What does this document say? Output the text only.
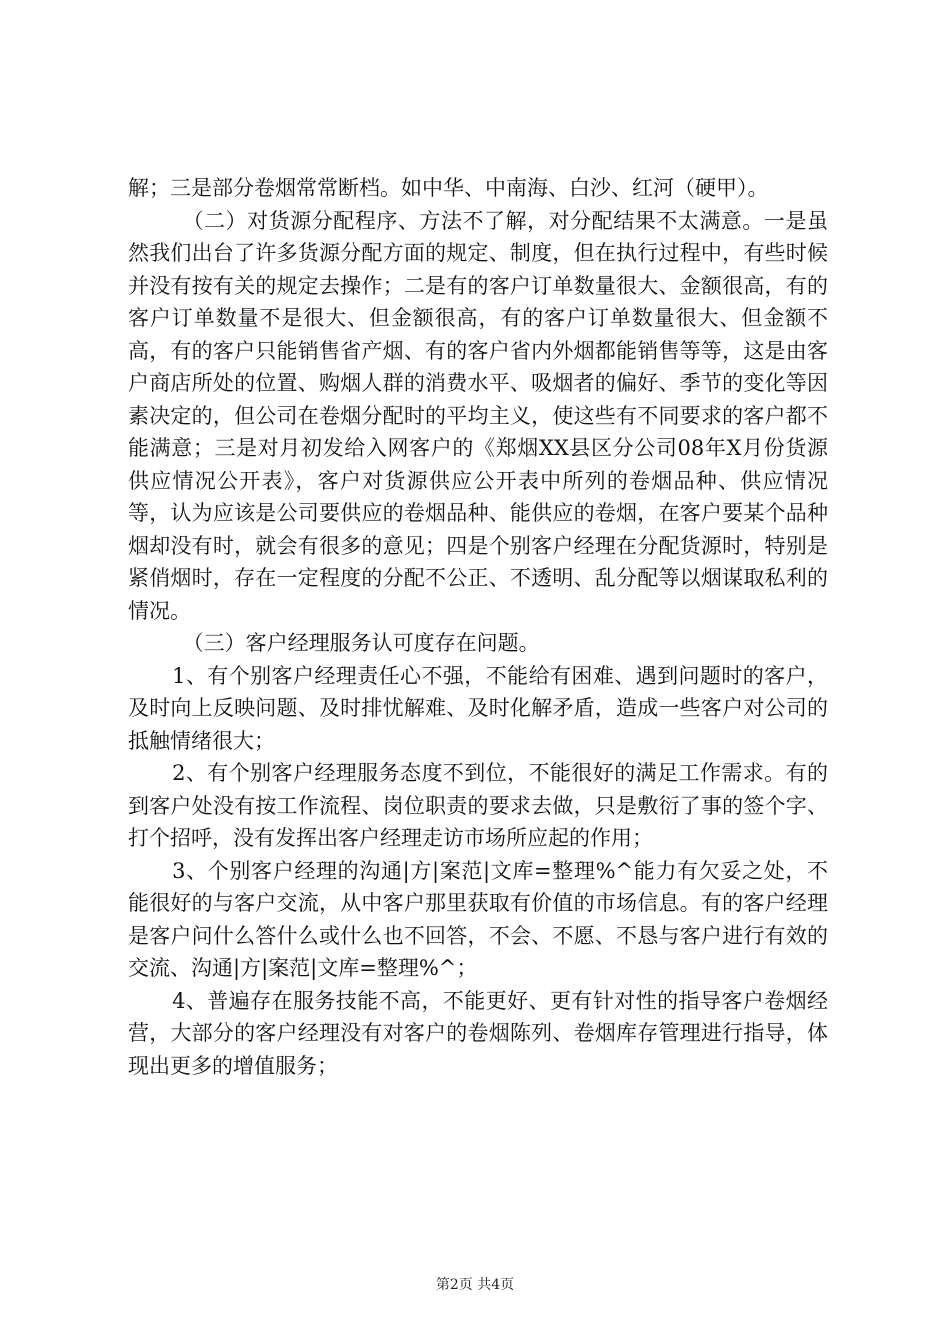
解；三是部分卷烟常常断档。如中华、中南海、白沙、红河（硬甲）。

（二）对货源分配程序、方法不了解，对分配结果不太满意。一是虽然我们出台了许多货源分配方面的规定、制度，但在执行过程中，有些时候并没有按有关的规定去操作；二是有的客户订单数量很大、金额很高，有的客户订单数量不是很大、但金额很高，有的客户订单数量很大、但金额不高，有的客户只能销售省产烟、有的客户省内外烟都能销售等等，这是由客户商店所处的位置、购烟人群的消费水平、吸烟者的偏好、季节的变化等因素决定的，但公司在卷烟分配时的平均主义，使这些有不同要求的客户都不能满意；三是对月初发给入网客户的《郑烟XX县区分公司08年X月份货源供应情况公开表》，客户对货源供应公开表中所列的卷烟品种、供应情况等，认为应该是公司要供应的卷烟品种、能供应的卷烟，在客户要某个品种烟却没有时，就会有很多的意见；四是个别客户经理在分配货源时，特别是紧俏烟时，存在一定程度的分配不公正、不透明、乱分配等以烟谋取私利的情况。

（三）客户经理服务认可度存在问题。

1、有个别客户经理责任心不强，不能给有困难、遇到问题时的客户，及时向上反映问题、及时排忧解难、及时化解矛盾，造成一些客户对公司的抵触情绪很大；

2、有个别客户经理服务态度不到位，不能很好的满足工作需求。有的到客户处没有按工作流程、岗位职责的要求去做，只是敷衍了事的签个字、打个招呼，没有发挥出客户经理走访市场所应起的作用；

3、个别客户经理的沟通|方|案范|文库=整理%^能力有欠妥之处，不能很好的与客户交流，从中客户那里获取有价值的市场信息。有的客户经理是客户问什么答什么或什么也不回答，不会、不愿、不恳与客户进行有效的交流、沟通|方|案范|文库=整理%^；

4、普遍存在服务技能不高，不能更好、更有针对性的指导客户卷烟经营，大部分的客户经理没有对客户的卷烟陈列、卷烟库存管理进行指导，体现出更多的增值服务；

第2页 共4页
